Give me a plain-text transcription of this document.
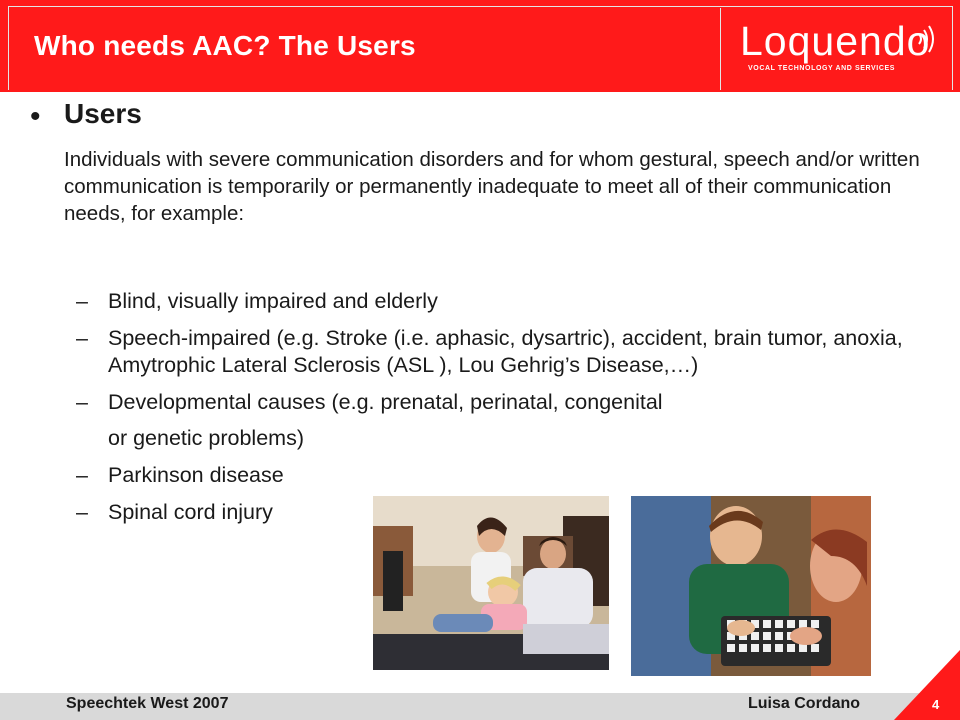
Who needs AAC? The Users	Loquendo
VOCAL TECHNOLOGY AND SERVICES
• Users
Individuals with severe communication disorders and for whom gestural, speech and/or written communication is temporarily or permanently inadequate to meet all of their communication needs, for example:
– Blind, visually impaired and elderly
– Speech-impaired (e.g. Stroke (i.e. aphasic, dysartric), accident, brain tumor, anoxia, Amytrophic Lateral Sclerosis (ASL ), Lou Gehrig’s Disease,…)
– Developmental causes (e.g. prenatal, perinatal, congenital
or genetic problems)
– Parkinson disease
– Spinal cord injury
Speechtek West 2007	Luisa Cordano	4
